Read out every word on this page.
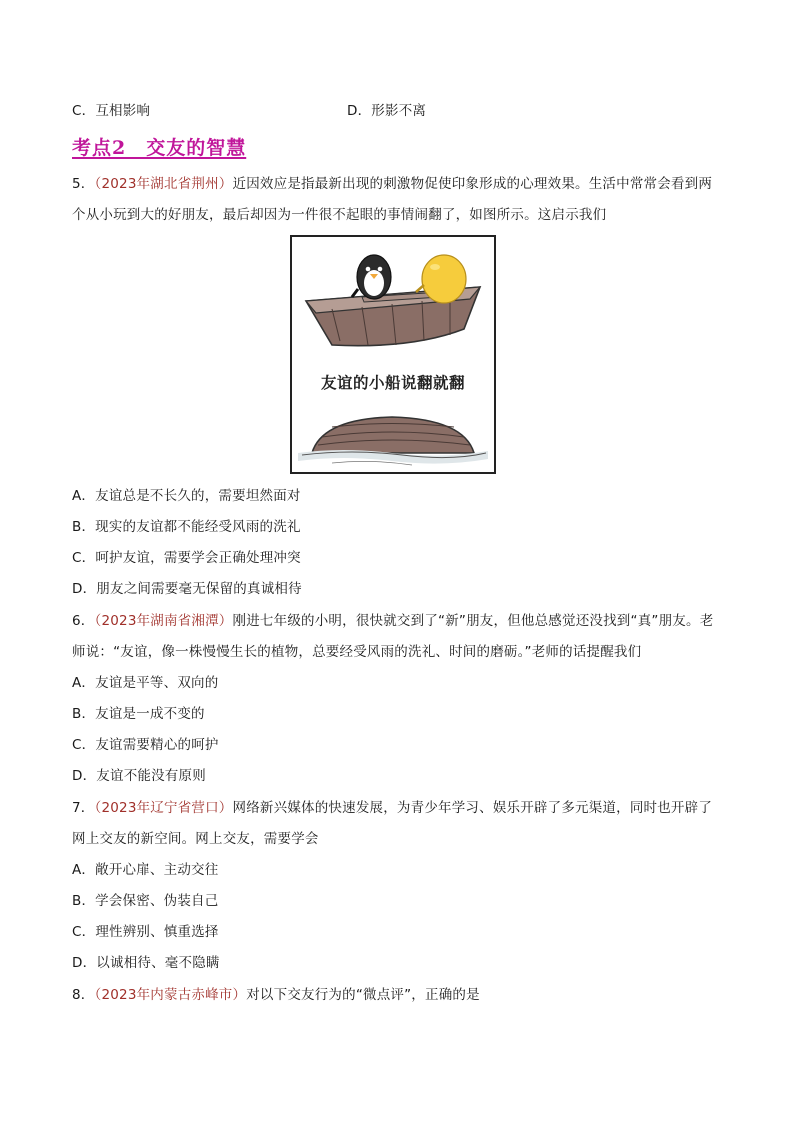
C．互相影响	D．形影不离
考点2　交友的智慧
5．（2023年湖北省荆州）近因效应是指最新出现的刺激物促使印象形成的心理效果。生活中常常会看到两
个从小玩到大的好朋友，最后却因为一件很不起眼的事情闹翻了，如图所示。这启示我们
友谊的小船说翻就翻
A．友谊总是不长久的，需要坦然面对
B．现实的友谊都不能经受风雨的洗礼
C．呵护友谊，需要学会正确处理冲突
D．朋友之间需要毫无保留的真诚相待
6．（2023年湖南省湘潭）刚进七年级的小明，很快就交到了“新”朋友，但他总感觉还没找到“真”朋友。老
师说：“友谊，像一株慢慢生长的植物，总要经受风雨的洗礼、时间的磨砺。”老师的话提醒我们
A．友谊是平等、双向的
B．友谊是一成不变的
C．友谊需要精心的呵护
D．友谊不能没有原则
7．（2023年辽宁省营口）网络新兴媒体的快速发展，为青少年学习、娱乐开辟了多元渠道，同时也开辟了
网上交友的新空间。网上交友，需要学会
A．敞开心扉、主动交往
B．学会保密、伪装自己
C．理性辨别、慎重选择
D．以诚相待、毫不隐瞒
8．（2023年内蒙古赤峰市）对以下交友行为的“微点评”，正确的是
